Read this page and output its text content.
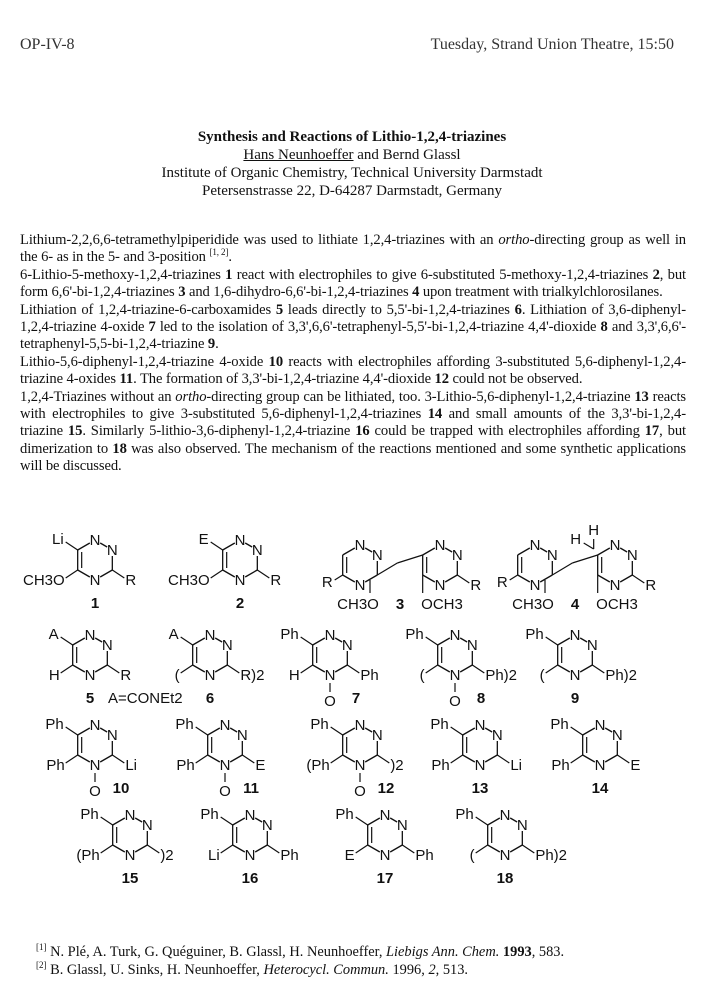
OP-IV-8	Tuesday, Strand Union Theatre, 15:50
Synthesis and Reactions of Lithio-1,2,4-triazines
Hans Neunhoeffer and Bernd Glassl
Institute of Organic Chemistry, Technical University Darmstadt
Petersenstrasse 22, D-64287 Darmstadt, Germany

Lithium-2,2,6,6-tetramethylpiperidide was used to lithiate 1,2,4-triazines with an ortho-directing group as well in the 6- as in the 5- and 3-position [1, 2].

6-Lithio-5-methoxy-1,2,4-triazines 1 react with electrophiles to give 6-substituted 5-methoxy-1,2,4-triazines 2, but form 6,6'-bi-1,2,4-triazines 3 and 1,6-dihydro-6,6'-bi-1,2,4-triazines 4 upon treatment with trialkylchlorosilanes.

Lithiation of 1,2,4-triazine-6-carboxamides 5 leads directly to 5,5'-bi-1,2,4-triazines 6. Lithiation of 3,6-diphenyl-1,2,4-triazine 4-oxide 7 led to the isolation of 3,3',6,6'-tetraphenyl-5,5'-bi-1,2,4-triazine 4,4'-dioxide 8 and 3,3',6,6'-tetraphenyl-5,5-bi-1,2,4-triazine 9.

Lithio-5,6-diphenyl-1,2,4-triazine 4-oxide 10 reacts with electrophiles affording 3-substituted 5,6-diphenyl-1,2,4-triazine 4-oxides 11. The formation of 3,3'-bi-1,2,4-triazine 4,4'-dioxide 12 could not be observed.

1,2,4-Triazines without an ortho-directing group can be lithiated, too. 3-Lithio-5,6-diphenyl-1,2,4-triazine 13 reacts with electrophiles to give 3-substituted 5,6-diphenyl-1,2,4-triazines 14 and small amounts of the 3,3'-bi-1,2,4-triazine 15. Similarly 5-lithio-3,6-diphenyl-1,2,4-triazine 16 could be trapped with electrophiles affording 17, but dimerization to 18 was also observed. The mechanism of the reactions mentioned and some synthetic applications will be discussed.

N
N
N
Li
CH3O	R
1
N
N
N
E
CH3O	R
2
N
N
N
N
N
N R
R
CH3O	OCH3
3
N
N
N
N
N
N R
R
CH3O	OCH3
4
H
H
N
N
N
A
H	R
5 A=CONEt2
N
N
N
A
(	R)2
6
N
N
N
Ph
H	Ph
O 7
N
N
N
Ph
(	Ph)2
O 8
N
N
N
Ph
(	Ph)2
9
N
N
N
Ph
Ph	Li
O 10
N
N
N
Ph
Ph	E
O 11
N
N
N
Ph
(Ph	)2
O 12
N
N
N
Ph
Ph	Li
13
N
N
N
Ph
Ph	E
14
N
N
N
Ph
(Ph	)2
15
N
N
N
Ph
Li	Ph
16
N
N
N
Ph
E	Ph
17
N
N
N
Ph
(	Ph)2
18
[1] N. Plé, A. Turk, G. Quéguiner, B. Glassl, H. Neunhoeffer, Liebigs Ann. Chem. 1993, 583.
[2] B. Glassl, U. Sinks, H. Neunhoeffer, Heterocycl. Commun. 1996, 2, 513.
